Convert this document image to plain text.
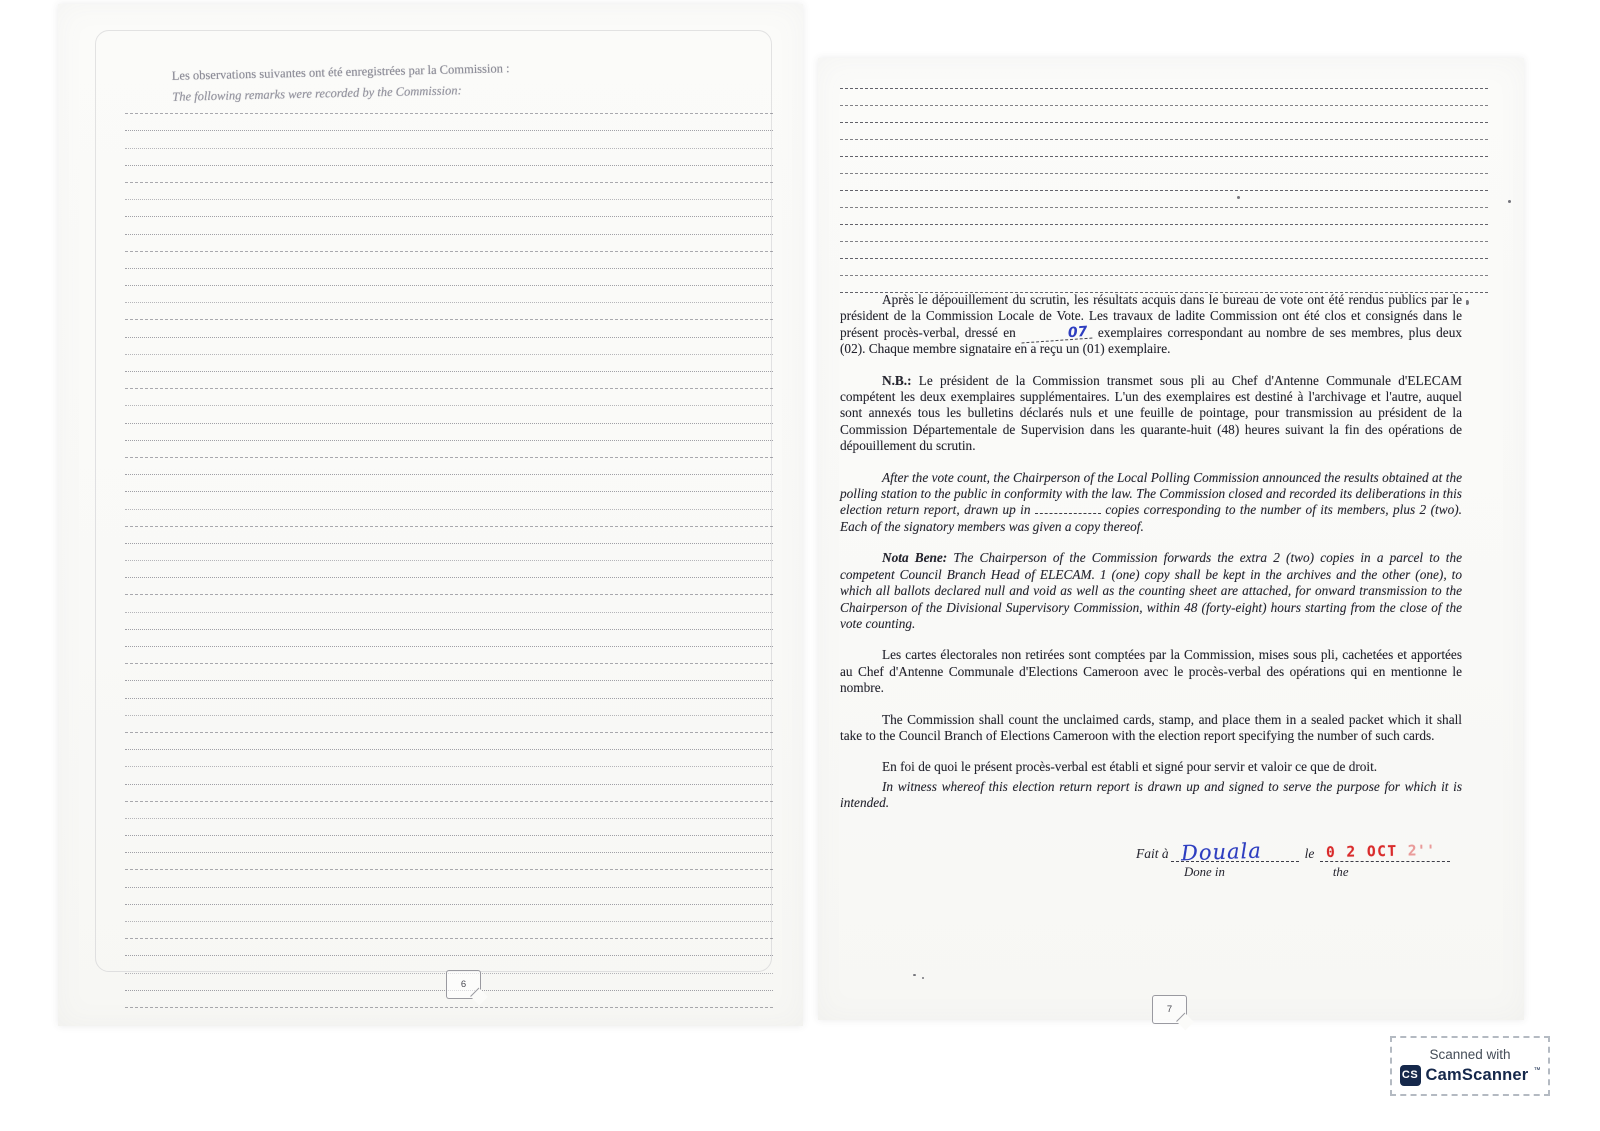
Les observations suivantes ont été enregistrées par la Commission :
The following remarks were recorded by the Commission:

Après le dépouillement du scrutin, les résultats acquis dans le bureau de vote ont été rendus publics par le président de la Commission Locale de Vote. Les travaux de ladite Commission ont été clos et consignés dans le présent procès-verbal, dressé en	07 exemplaires correspondant au nombre de ses membres, plus deux (02). Chaque membre signataire en a reçu un (01) exemplaire.

N.B.: Le président de la Commission transmet sous pli au Chef d'Antenne Communale d'ELECAM compétent les deux exemplaires supplémentaires. L'un des exemplaires est destiné à l'archivage et l'autre, auquel sont annexés tous les bulletins déclarés nuls et une feuille de pointage, pour transmission au président de la Commission Départementale de Supervision dans les quarante-huit (48) heures suivant la fin des opérations de dépouillement du scrutin.

After the vote count, the Chairperson of the Local Polling Commission announced the results obtained at the polling station to the public in conformity with the law. The Commission closed and recorded its deliberations in this election return report, drawn up in	copies corresponding to the number of its members, plus 2 (two). Each of the signatory members was given a copy thereof.

Nota Bene: The Chairperson of the Commission forwards the extra 2 (two) copies in a parcel to the competent Council Branch Head of ELECAM. 1 (one) copy shall be kept in the archives and the other (one), to which all ballots declared null and void as well as the counting sheet are attached, for onward transmission to the Chairperson of the Divisional Supervisory Commission, within 48 (forty-eight) hours starting from the close of the vote counting.

Les cartes électorales non retirées sont comptées par la Commission, mises sous pli, cachetées et apportées au Chef d'Antenne Communale d'Elections Cameroon avec le procès-verbal des opérations qui en mentionne le nombre.

The Commission shall count the unclaimed cards, stamp, and place them in a sealed packet which it shall take to the Council Branch of Elections Cameroon with the election report specifying the number of such cards.

En foi de quoi le présent procès-verbal est établi et signé pour servir et valoir ce que de droit.

In witness whereof this election return report is drawn up and signed to serve the purpose for which it is intended.

Fait à Douala	le 0 2 OCT 2''
Done in	the
6
7
Scanned with
CS CamScanner ™
